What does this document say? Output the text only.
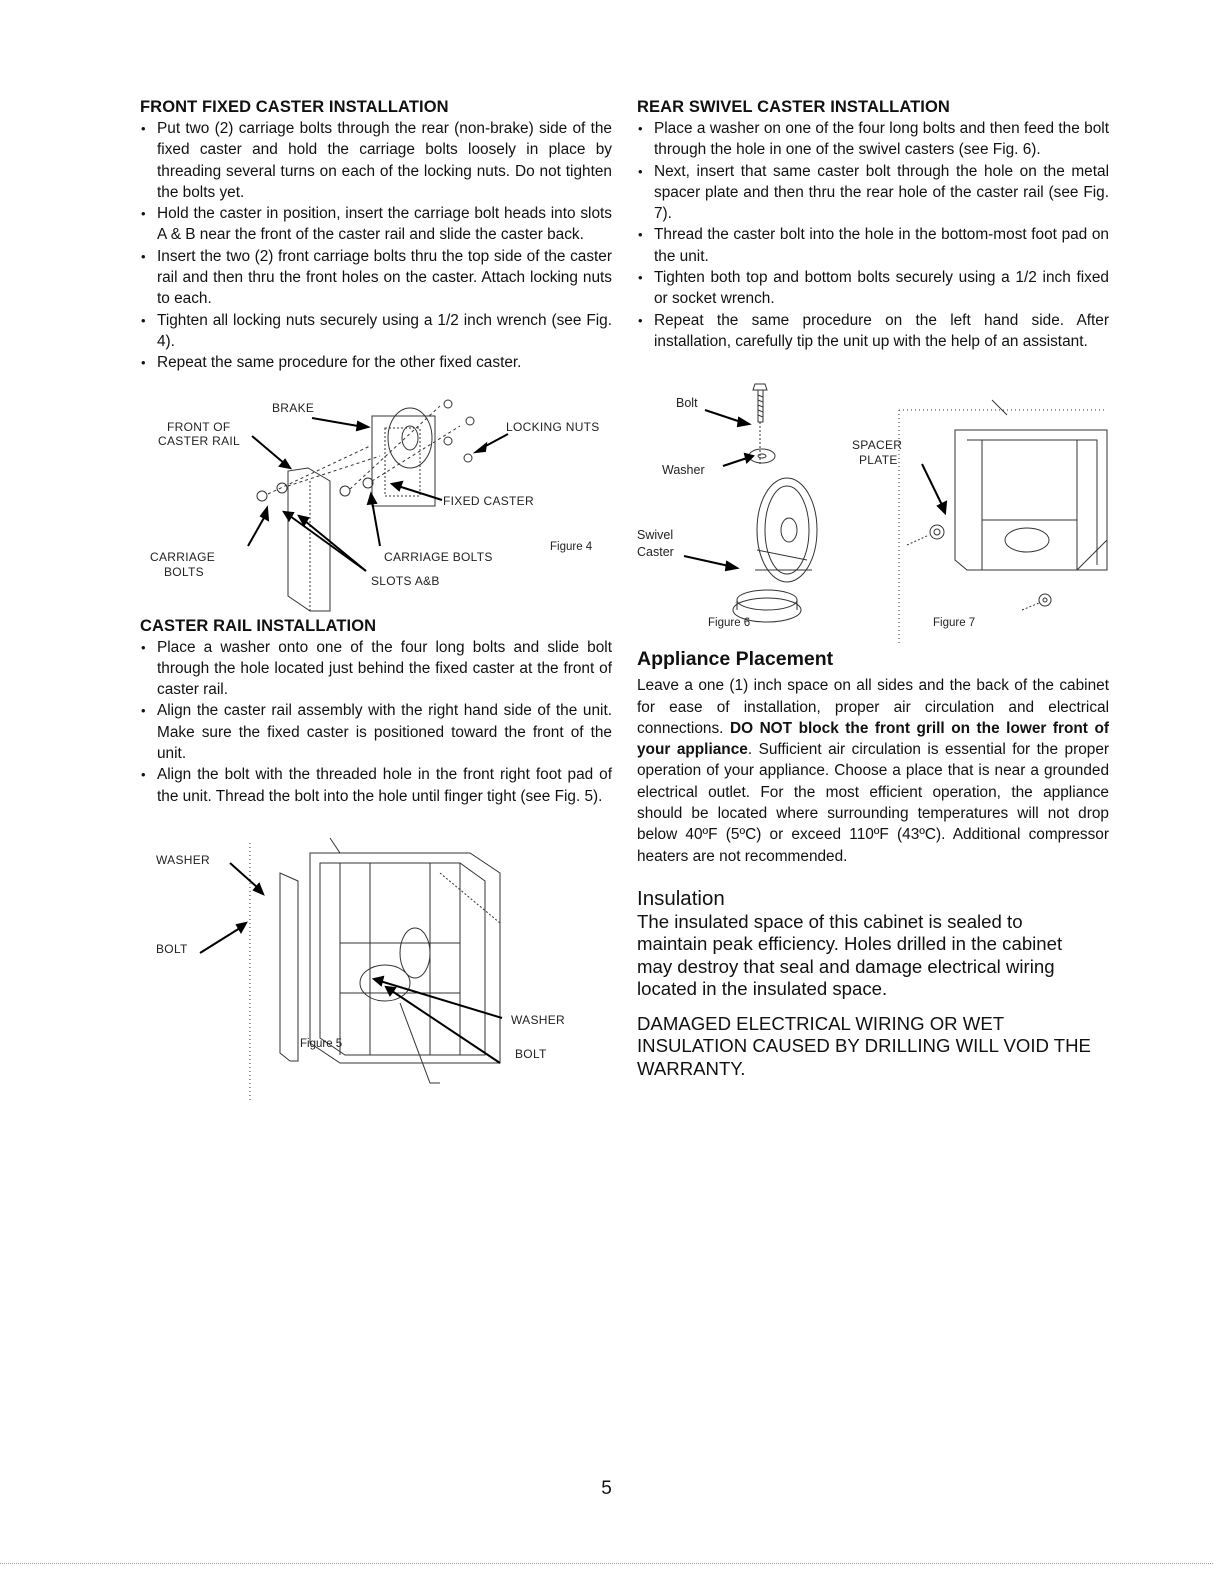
FRONT FIXED CASTER INSTALLATION
• Put two (2) carriage bolts through the rear (non-brake) side of the fixed caster and hold the carriage bolts loosely in place by threading several turns on each of the locking nuts. Do not tighten the bolts yet.
• Hold the caster in position, insert the carriage bolt heads into slots A & B near the front of the caster rail and slide the caster back.
• Insert the two (2) front carriage bolts thru the top side of the caster rail and then thru the front holes on the caster. Attach locking nuts to each.
• Tighten all locking nuts securely using a 1/2 inch wrench (see Fig. 4).
• Repeat the same procedure for the other fixed caster.
BRAKE
FRONT OF
CASTER RAIL
LOCKING NUTS
FIXED CASTER
CARRIAGE
BOLTS
CARRIAGE BOLTS
SLOTS A&B
Figure 4
CASTER RAIL INSTALLATION
• Place a washer onto one of the four long bolts and slide bolt through the hole located just behind the fixed caster at the front of caster rail.
• Align the caster rail assembly with the right hand side of the unit. Make sure the fixed caster is positioned toward the front of the unit.
• Align the bolt with the threaded hole in the front right foot pad of the unit. Thread the bolt into the hole until finger tight (see Fig. 5).
WASHER
BOLT
WASHER
BOLT
Figure 5
REAR SWIVEL CASTER INSTALLATION
• Place a washer on one of the four long bolts and then feed the bolt through the hole in one of the swivel casters (see Fig. 6).
• Next, insert that same caster bolt through the hole on the metal spacer plate and then thru the rear hole of the caster rail (see Fig. 7).
• Thread the caster bolt into the hole in the bottom-most foot pad on the unit.
• Tighten both top and bottom bolts securely using a 1/2 inch fixed or socket wrench.
• Repeat the same procedure on the left hand side. After installation, carefully tip the unit up with the help of an assistant.
Bolt
Washer
Swivel
Caster
Figure 6
SPACER
PLATE
Figure 7
Appliance Placement

Leave a one (1) inch space on all sides and the back of the cabinet for ease of installation, proper air circulation and electrical connections. DO NOT block the front grill on the lower front of your appliance. Sufficient air circulation is essential for the proper operation of your appliance. Choose a place that is near a grounded electrical outlet. For the most efficient operation, the appliance should be located where surrounding temperatures will not drop below 40ºF (5ºC) or exceed 110ºF (43ºC). Additional compressor heaters are not recommended.

Insulation

The insulated space of this cabinet is sealed to maintain peak efficiency. Holes drilled in the cabinet may destroy that seal and damage electrical wiring located in the insulated space.

DAMAGED ELECTRICAL WIRING OR WET INSULATION CAUSED BY DRILLING WILL VOID THE WARRANTY.

5
